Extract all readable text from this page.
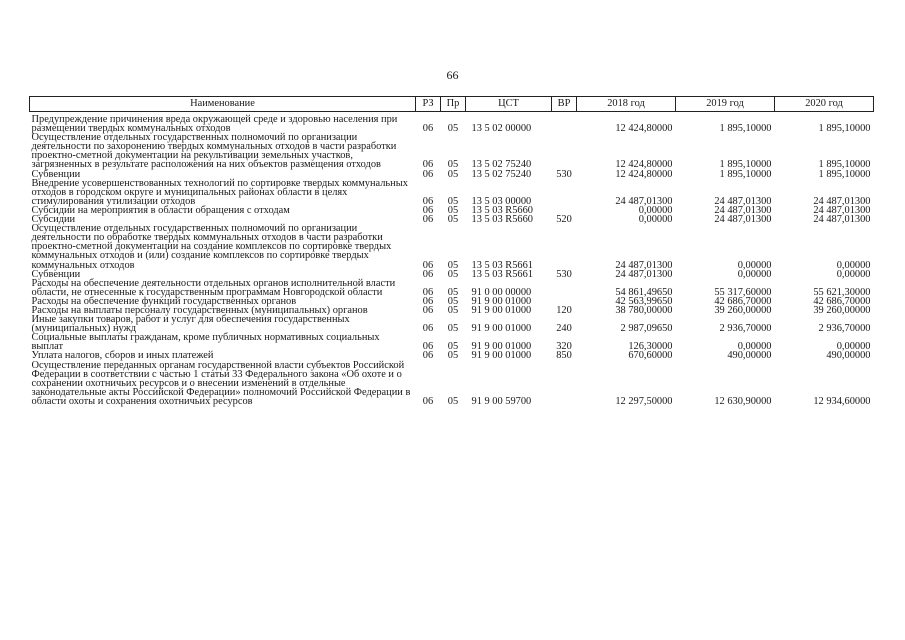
66
Наименование	РЗ	Пр	ЦСТ	ВР	2018 год	2019 год	2020 год
Предупреждение причинения вреда окружающей среде и здоровью населения при размещении твердых коммунальных отходов	06	05	13 5 02 00000		12 424,80000	1 895,10000	1 895,10000
Осуществление отдельных государственных полномочий по организации деятельности по захоронению твердых коммунальных отходов в части разработки проектно-сметной документации на рекультивации земельных участков, загрязненных в результате расположения на них объектов размещения отходов	06	05	13 5 02 75240		12 424,80000	1 895,10000	1 895,10000
Субвенции	06	05	13 5 02 75240	530	12 424,80000	1 895,10000	1 895,10000
Внедрение усовершенствованных технологий по сортировке твердых коммунальных отходов в городском округе и муниципальных районах области в целях стимулирования утилизации отходов	06	05	13 5 03 00000		24 487,01300	24 487,01300	24 487,01300
Субсидии на мероприятия в области обращения с отходам	06	05	13 5 03 R5660		0,00000	24 487,01300	24 487,01300
Субсидии	06	05	13 5 03 R5660	520	0,00000	24 487,01300	24 487,01300
Осуществление отдельных государственных полномочий по организации деятельности по обработке твердых коммунальных отходов в части разработки проектно-сметной документации на создание комплексов по сортировке твердых коммунальных отходов и (или) создание комплексов по сортировке твердых коммунальных отходов	06	05	13 5 03 R5661		24 487,01300	0,00000	0,00000
Субвенции	06	05	13 5 03 R5661	530	24 487,01300	0,00000	0,00000
Расходы на обеспечение деятельности отдельных органов исполнительной власти области, не отнесенные к государственным программам Новгородской области	06	05	91 0 00 00000		54 861,49650	55 317,60000	55 621,30000
Расходы на обеспечение функций государственных органов	06	05	91 9 00 01000		42 563,99650	42 686,70000	42 686,70000
Расходы на выплаты персоналу государственных (муниципальных) органов	06	05	91 9 00 01000	120	38 780,00000	39 260,00000	39 260,00000
Иные закупки товаров, работ и услуг для обеспечения государственных (муниципальных) нужд	06	05	91 9 00 01000	240	2 987,09650	2 936,70000	2 936,70000
Социальные выплаты гражданам, кроме публичных нормативных социальных выплат	06	05	91 9 00 01000	320	126,30000	0,00000	0,00000
Уплата налогов, сборов и иных платежей	06	05	91 9 00 01000	850	670,60000	490,00000	490,00000
Осуществление переданных органам государственной власти субъектов Российской Федерации в соответствии с частью 1 статьи 33 Федерального закона «Об охоте и о сохранении охотничьих ресурсов и о внесении изменений в отдельные законодательные акты Российской Федерации» полномочий Российской Федерации в области охоты и сохранения охотничьих ресурсов	06	05	91 9 00 59700		12 297,50000	12 630,90000	12 934,60000
